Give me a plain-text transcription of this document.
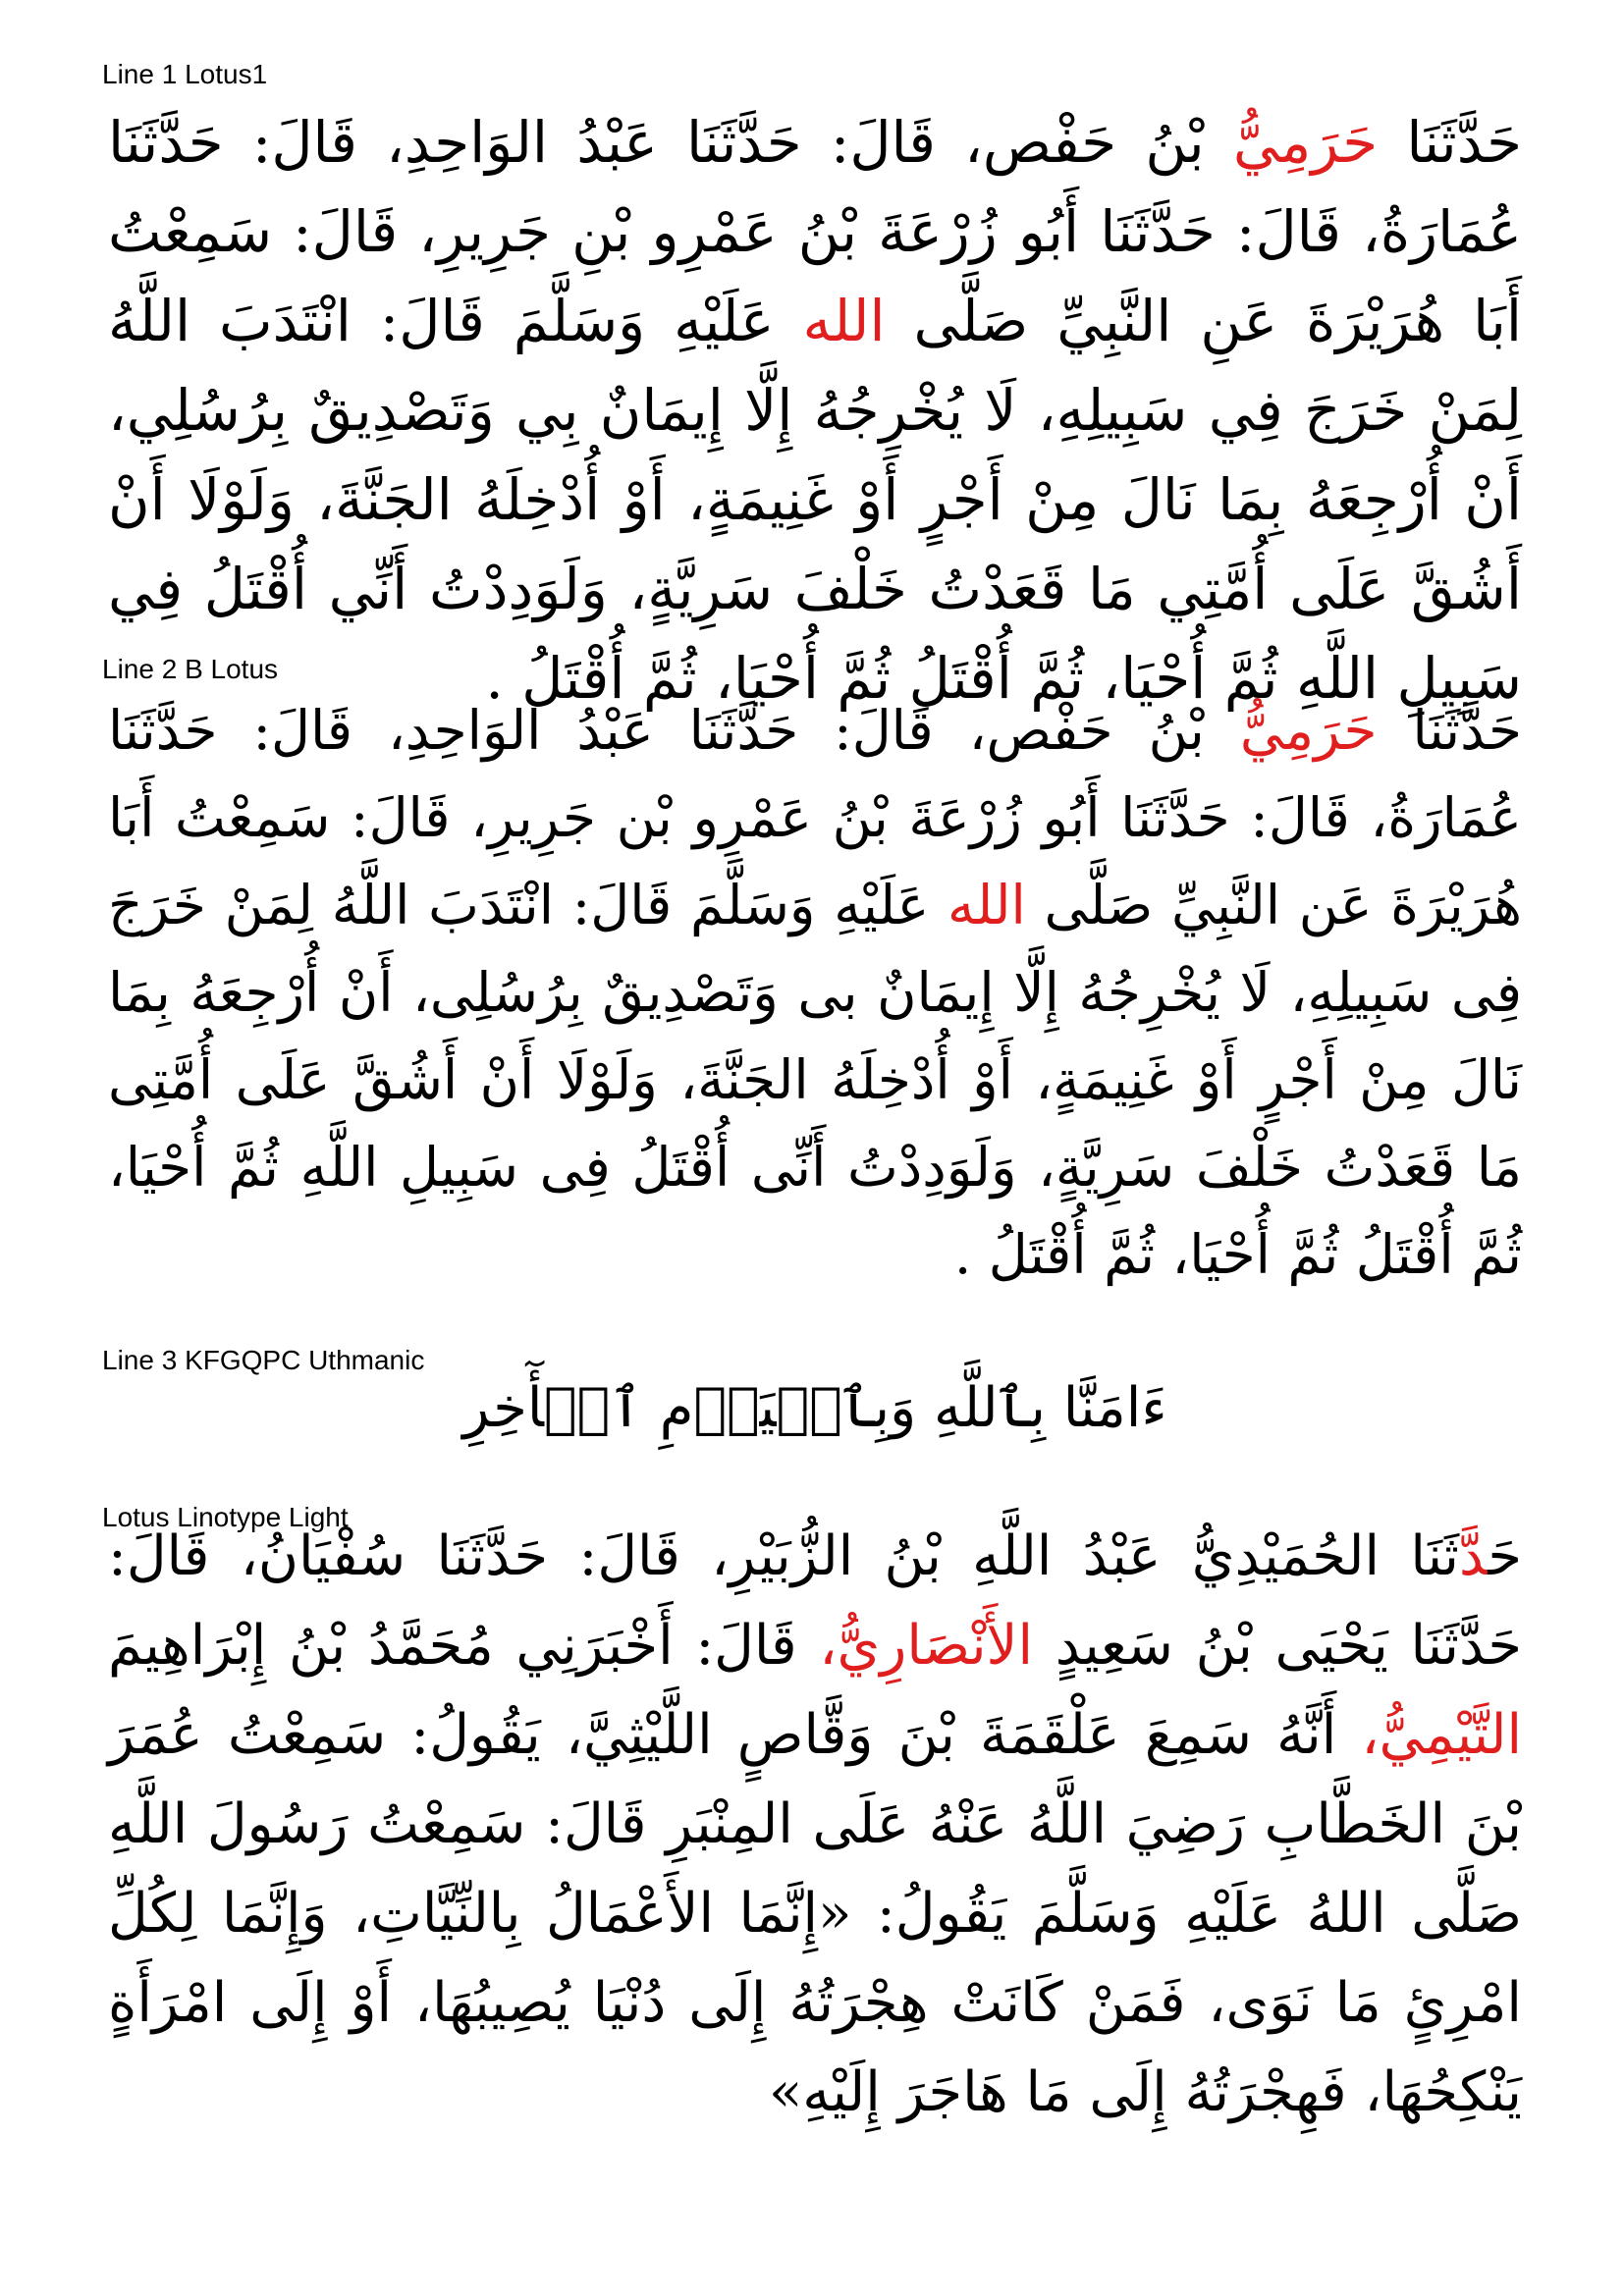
Line 1 Lotus1
حَدَّثَنَا حَرَمِيُّ بْنُ حَفْص، قَالَ: حَدَّثَنَا عَبْدُ الوَاحِدِ، قَالَ: حَدَّثَنَا عُمَارَةُ، قَالَ: حَدَّثَنَا أَبُو زُرْعَةَ بْنُ عَمْرِو بْنِ جَرِيرِ، قَالَ: سَمِعْتُ أَبَا هُرَيْرَةَ عَنِ النَّبِيِّ صَلَّى الله عَلَيْهِ وَسَلَّمَ قَالَ: انْتَدَبَ اللَّهُ لِمَنْ خَرَجَ فِي سَبِيلِهِ، لَا يُخْرِجُهُ إِلَّا إِيمَانٌ بِي وَتَصْدِيقٌ بِرُسُلِي، أَنْ أُرْجِعَهُ بِمَا نَالَ مِنْ أَجْرٍ أَوْ غَنِيمَةٍ، أَوْ أُدْخِلَهُ الجَنَّةَ، وَلَوْلَا أَنْ أَشُقَّ عَلَى أُمَّتِي مَا قَعَدْتُ خَلْفَ سَرِيَّةٍ، وَلَوَدِدْتُ أَنِّي أُقْتَلُ فِي سَبِيلِ اللَّهِ ثُمَّ أُحْيَا، ثُمَّ أُقْتَلُ ثُمَّ أُحْيَا، ثُمَّ أُقْتَلُ .
Line 2 B Lotus
حَدَّثَنَا حَرَمِيُّ بْنُ حَفْص، قَالَ: حَدَّثَنَا عَبْدُ الوَاحِدِ، قَالَ: حَدَّثَنَا عُمَارَةُ، قَالَ: حَدَّثَنَا أَبُو زُرْعَةَ بْنُ عَمْرِو بْن جَرِيرِ، قَالَ: سَمِعْتُ أَبَا هُرَيْرَةَ عَن النَّبِيِّ صَلَّى الله عَلَيْهِ وَسَلَّمَ قَالَ: انْتَدَبَ اللَّهُ لِمَنْ خَرَجَ فِى سَبِيلِهِ، لَا يُخْرِجُهُ إِلَّا إِيمَانٌ بى وَتَصْدِيقٌ بِرُسُلِى، أَنْ أُرْجِعَهُ بِمَا نَالَ مِنْ أَجْرٍ أَوْ غَنِيمَةٍ، أَوْ أُدْخِلَهُ الجَنَّةَ، وَلَوْلَا أَنْ أَشُقَّ عَلَى أُمَّتِى مَا قَعَدْتُ خَلْفَ سَرِيَّةٍ، وَلَوَدِدْتُ أَنِّى أُقْتَلُ فِى سَبِيلِ اللَّهِ ثُمَّ أُحْيَا، ثُمَّ أُقْتَلُ ثُمَّ أُحْيَا، ثُمَّ أُقْتَلُ .
Line 3 KFGQPC Uthmanic
ءَامَنَّا بِٱللَّهِ وَبِٱلۡيَوۡمِ ٱلۡأٓخِرِ
Lotus Linotype Light
حَدَّثَنَا الحُمَيْدِيُّ عَبْدُ اللَّهِ بْنُ الزُّبَيْرِ، قَالَ: حَدَّثَنَا سُفْيَانُ، قَالَ: حَدَّثَنَا يَحْيَى بْنُ سَعِيدٍ الأَنْصَارِيُّ، قَالَ: أَخْبَرَنِي مُحَمَّدُ بْنُ إِبْرَاهِيمَ التَّيْمِيُّ، أَنَّهُ سَمِعَ عَلْقَمَةَ بْنَ وَقَّاصٍ اللَّيْثِيَّ، يَقُولُ: سَمِعْتُ عُمَرَ بْنَ الخَطَّابِ رَضِيَ اللَّهُ عَنْهُ عَلَى المِنْبَرِ قَالَ: سَمِعْتُ رَسُولَ اللَّهِ صَلَّى اللهُ عَلَيْهِ وَسَلَّمَ يَقُولُ: «إِنَّمَا الأَعْمَالُ بِالنِّيَّاتِ، وَإِنَّمَا لِكُلِّ امْرِئٍ مَا نَوَى، فَمَنْ كَانَتْ هِجْرَتُهُ إِلَى دُنْيَا يُصِيبُهَا، أَوْ إِلَى امْرَأَةٍ يَنْكِحُهَا، فَهِجْرَتُهُ إِلَى مَا هَاجَرَ إِلَيْهِ»
